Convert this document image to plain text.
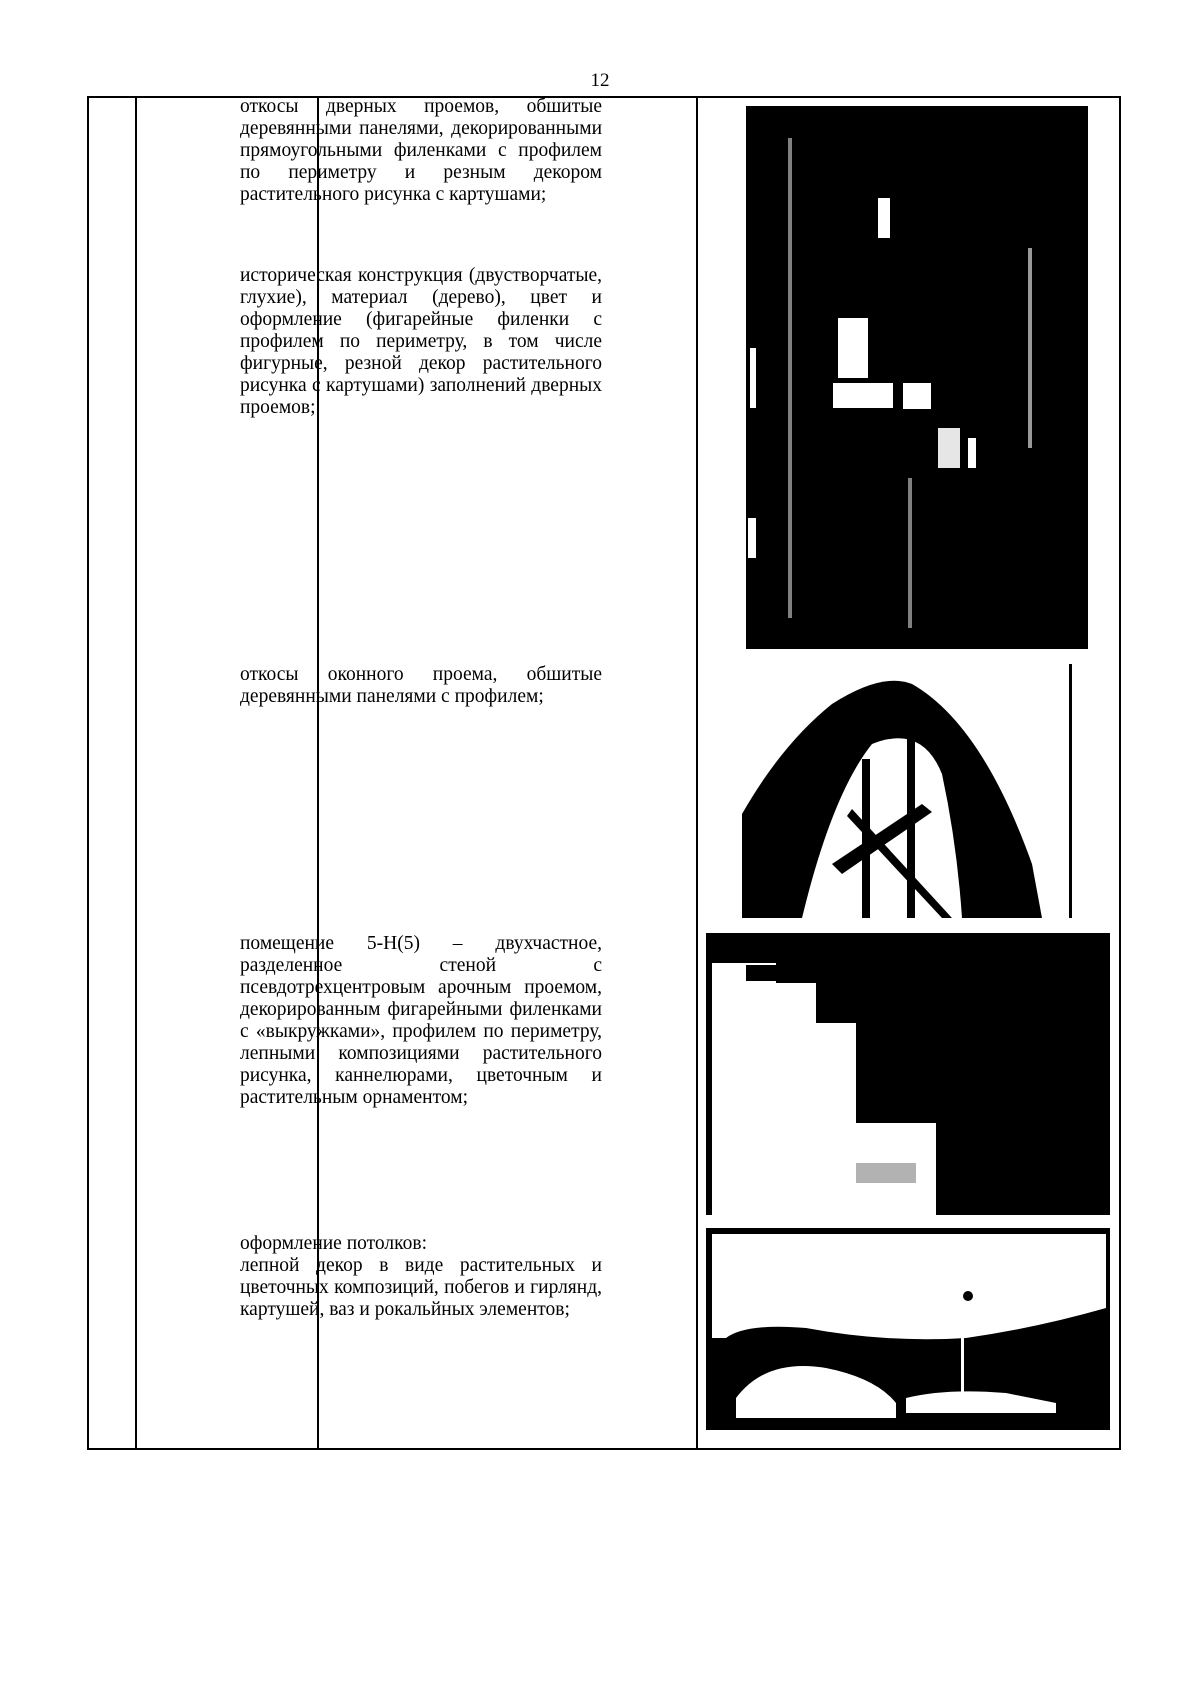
12

откосы дверных проемов, обшитые деревянными панелями, декорированными прямоугольными филенками с профилем по периметру и резным декором растительного рисунка с картушами;
историческая конструкция (двустворчатые, глухие), материал (дерево), цвет и оформление (фигарейные филенки с профилем по периметру, в том числе фигурные, резной декор растительного рисунка с картушами) заполнений дверных проемов;
откосы оконного проема, обшитые деревянными панелями с профилем;
помещение 5-Н(5) – двухчастное, разделенное стеной с псевдотрехцентровым арочным проемом, декорированным фигарейными филенками с «выкружками», профилем по периметру, лепными композициями растительного рисунка, каннелюрами, цветочным и растительным орнаментом;
оформление потолков:
лепной декор в виде растительных и цветочных композиций, побегов и гирлянд, картушей, ваз и рокальйных элементов;
